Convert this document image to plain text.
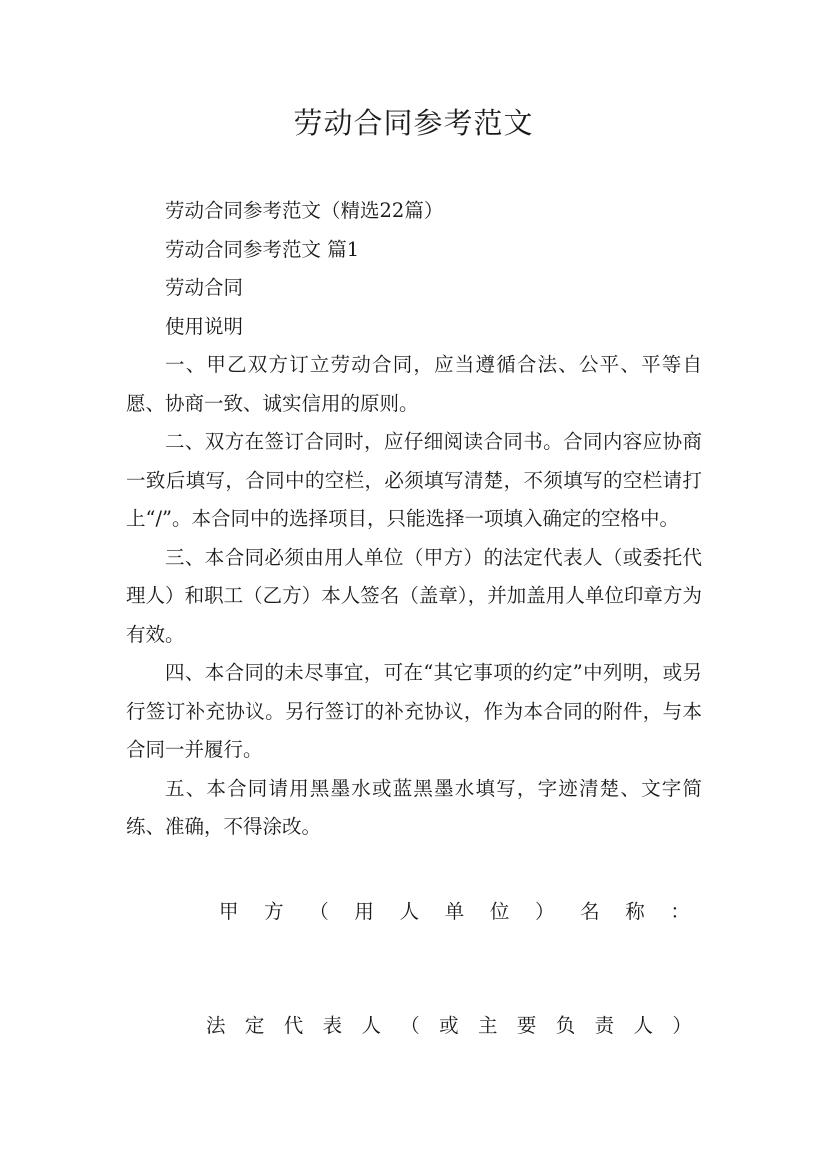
劳动合同参考范文

劳动合同参考范文（精选22篇）

劳动合同参考范文 篇1

劳动合同

使用说明

一、甲乙双方订立劳动合同，应当遵循合法、公平、平等自愿、协商一致、诚实信用的原则。

二、双方在签订合同时，应仔细阅读合同书。合同内容应协商一致后填写，合同中的空栏，必须填写清楚，不须填写的空栏请打上“/”。本合同中的选择项目，只能选择一项填入确定的空格中。

三、本合同必须由用人单位（甲方）的法定代表人（或委托代理人）和职工（乙方）本人签名（盖章），并加盖用人单位印章方为有效。

四、本合同的未尽事宜，可在“其它事项的约定”中列明，或另行签订补充协议。另行签订的补充协议，作为本合同的附件，与本合同一并履行。

五、本合同请用黑墨水或蓝黑墨水填写，字迹清楚、文字简练、准确，不得涂改。

甲 方 （ 用 人 单 位 ） 名 称 ：
法 定 代 表 人 （ 或 主 要 负 责 人 ）
